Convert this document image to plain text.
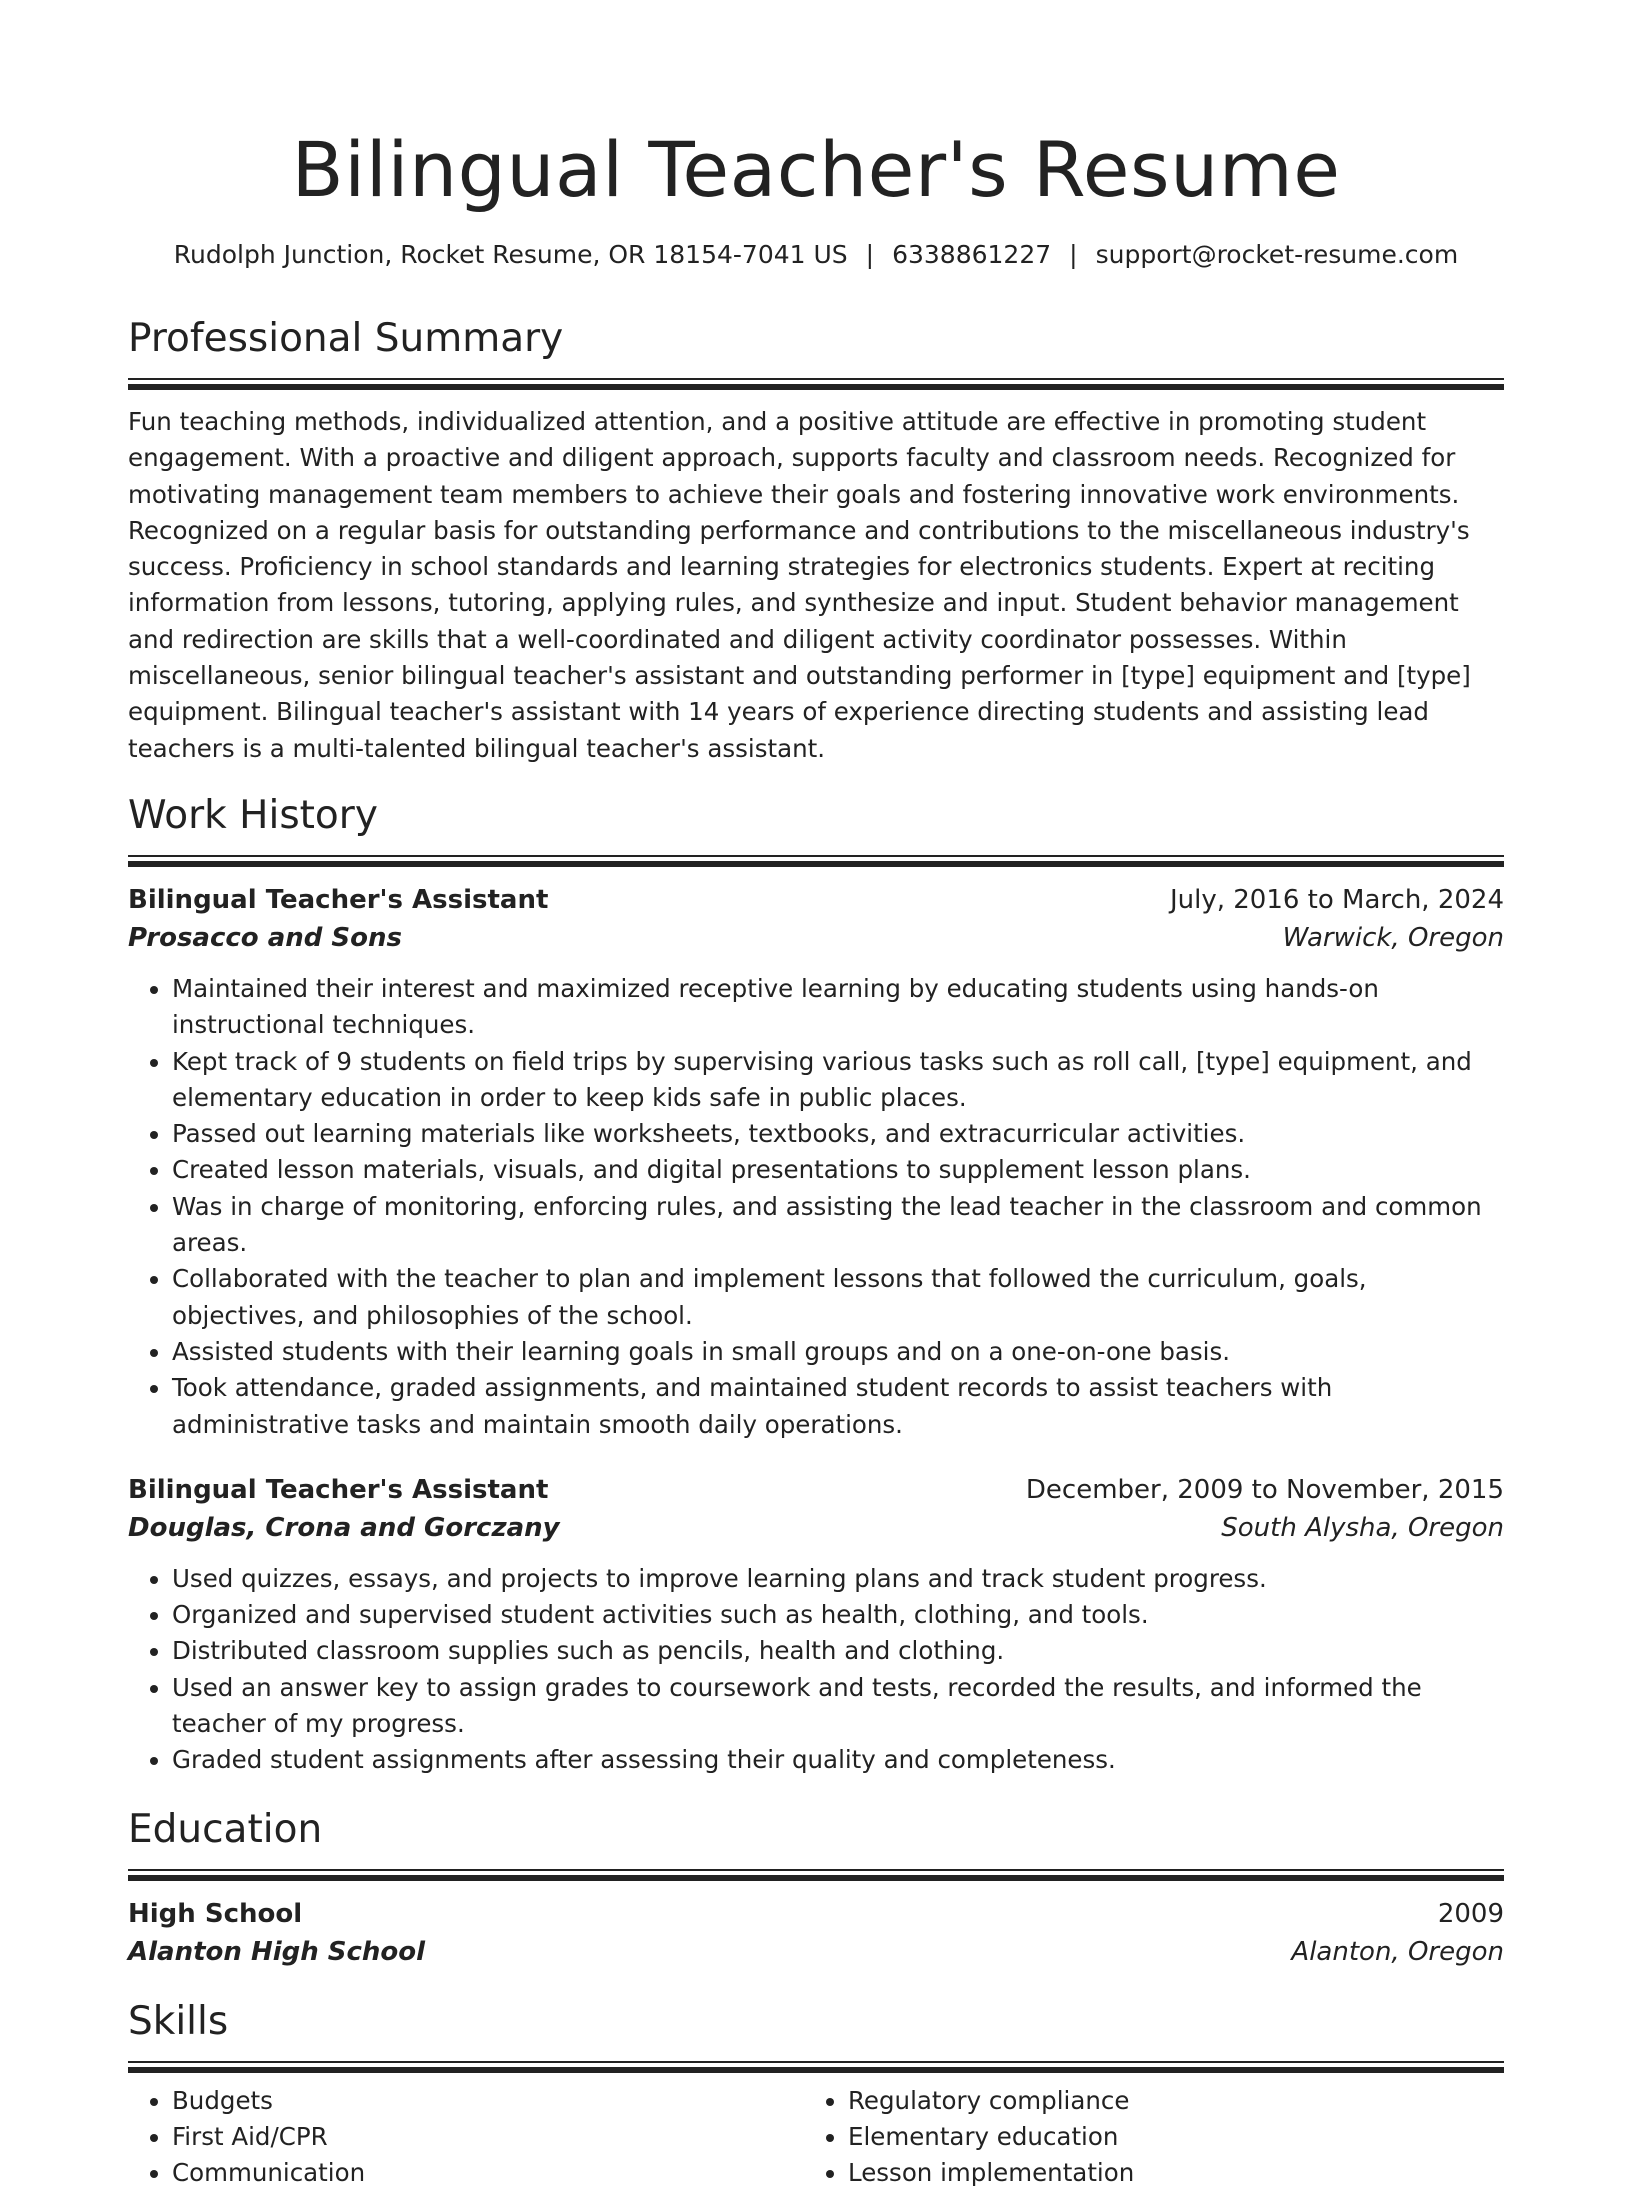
Bilingual Teacher's Resume
Rudolph Junction, Rocket Resume, OR 18154-7041 US | 6338861227 | support@rocket-resume.com
Professional Summary
Fun teaching methods, individualized attention, and a positive attitude are effective in promoting student engagement. With a proactive and diligent approach, supports faculty and classroom needs. Recognized for motivating management team members to achieve their goals and fostering innovative work environments. Recognized on a regular basis for outstanding performance and contributions to the miscellaneous industry's success. Proficiency in school standards and learning strategies for electronics students. Expert at reciting information from lessons, tutoring, applying rules, and synthesize and input. Student behavior management and redirection are skills that a well-coordinated and diligent activity coordinator possesses. Within miscellaneous, senior bilingual teacher's assistant and outstanding performer in [type] equipment and [type] equipment. Bilingual teacher's assistant with 14 years of experience directing students and assisting lead teachers is a multi-talented bilingual teacher's assistant.
Work History
Bilingual Teacher's Assistant	July, 2016 to March, 2024
Prosacco and Sons	Warwick, Oregon
• Maintained their interest and maximized receptive learning by educating students using hands-on instructional techniques.
• Kept track of 9 students on field trips by supervising various tasks such as roll call, [type] equipment, and elementary education in order to keep kids safe in public places.
• Passed out learning materials like worksheets, textbooks, and extracurricular activities.
• Created lesson materials, visuals, and digital presentations to supplement lesson plans.
• Was in charge of monitoring, enforcing rules, and assisting the lead teacher in the classroom and common areas.
• Collaborated with the teacher to plan and implement lessons that followed the curriculum, goals, objectives, and philosophies of the school.
• Assisted students with their learning goals in small groups and on a one-on-one basis.
• Took attendance, graded assignments, and maintained student records to assist teachers with administrative tasks and maintain smooth daily operations.
Bilingual Teacher's Assistant	December, 2009 to November, 2015
Douglas, Crona and Gorczany	South Alysha, Oregon
• Used quizzes, essays, and projects to improve learning plans and track student progress.
• Organized and supervised student activities such as health, clothing, and tools.
• Distributed classroom supplies such as pencils, health and clothing.
• Used an answer key to assign grades to coursework and tests, recorded the results, and informed the teacher of my progress.
• Graded student assignments after assessing their quality and completeness.
Education
High School	2009
Alanton High School	Alanton, Oregon
Skills
• Budgets
• First Aid/CPR
• Communication
• Regulatory compliance
• Elementary education
• Lesson implementation
